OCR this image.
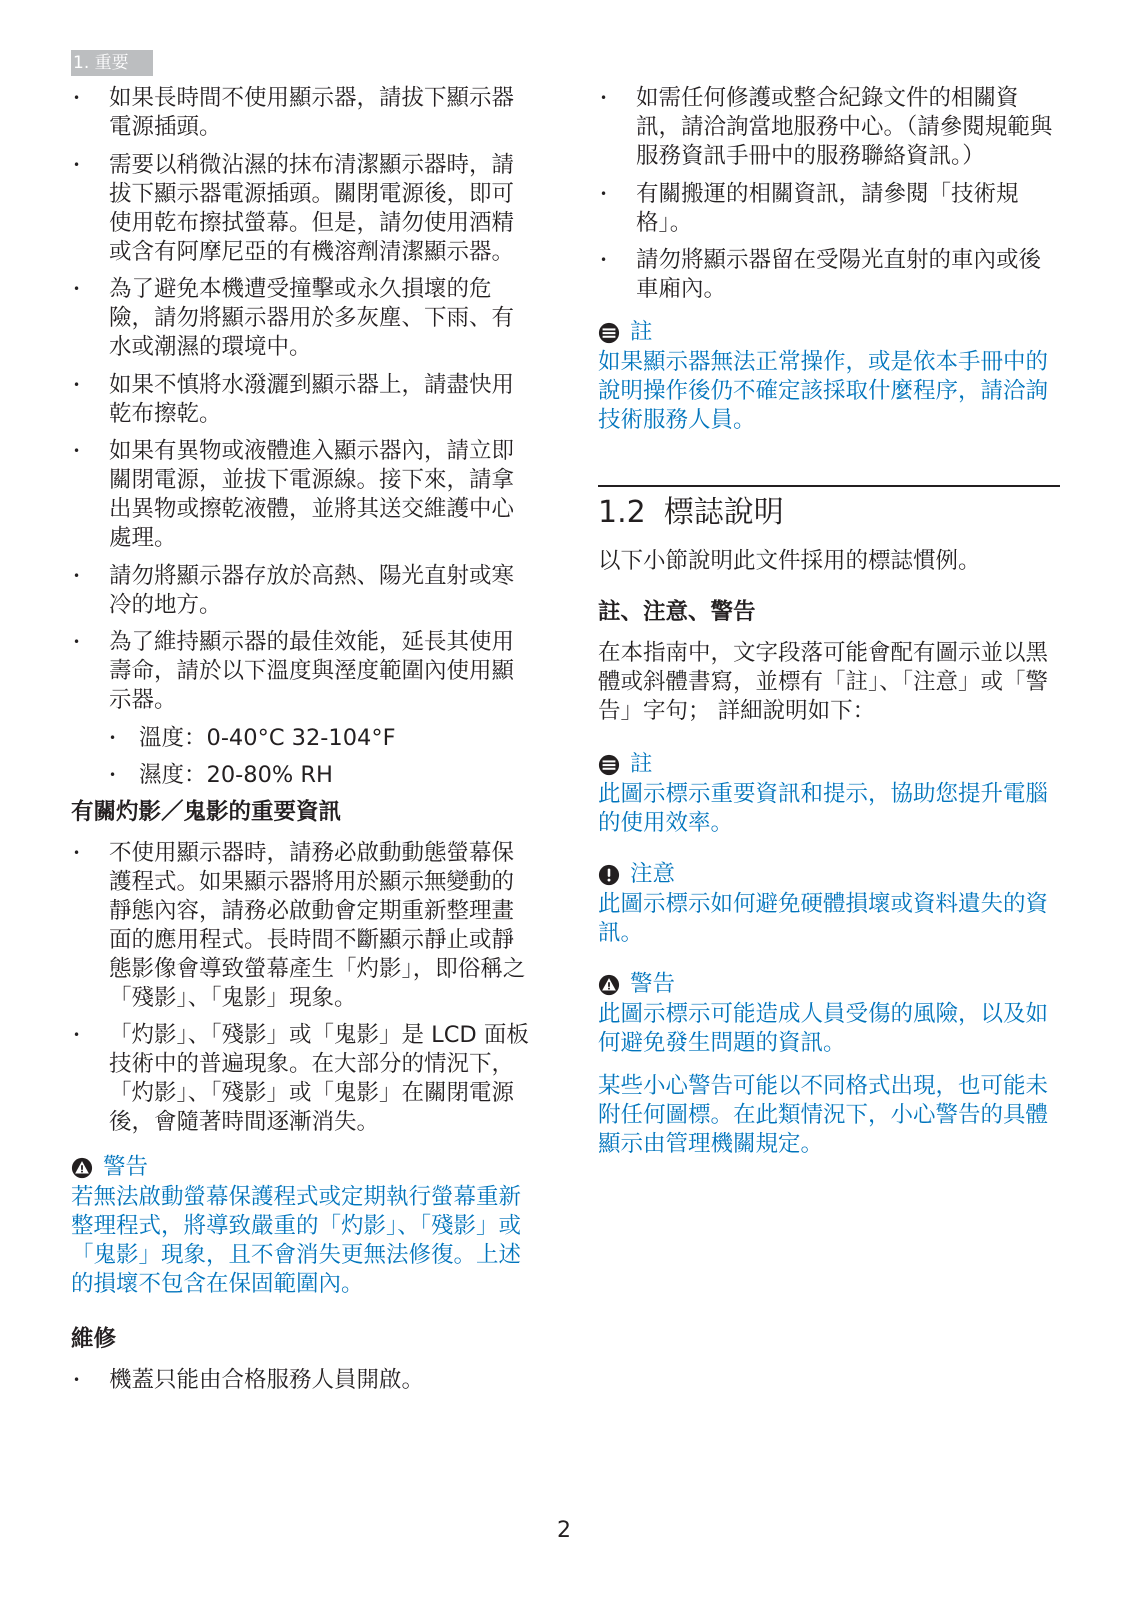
1. 重要
• 如果長時間不使用顯示器，請拔下顯示器電源插頭。
• 需要以稍微沾濕的抹布清潔顯示器時，請拔下顯示器電源插頭。關閉電源後，即可使用乾布擦拭螢幕。但是，請勿使用酒精或含有阿摩尼亞的有機溶劑清潔顯示器。
• 為了避免本機遭受撞擊或永久損壞的危險，請勿將顯示器用於多灰塵、下雨、有水或潮濕的環境中。
• 如果不慎將水潑灑到顯示器上，請盡快用乾布擦乾。
• 如果有異物或液體進入顯示器內，請立即關閉電源，並拔下電源線。接下來，請拿出異物或擦乾液體，並將其送交維護中心處理。
• 請勿將顯示器存放於高熱、陽光直射或寒冷的地方。
• 為了維持顯示器的最佳效能，延長其使用壽命，請於以下溫度與溼度範圍內使用顯示器。
• 溫度：0-40°C 32-104°F
• 濕度：20-80% RH
有關灼影／鬼影的重要資訊
• 不使用顯示器時，請務必啟動動態螢幕保護程式。如果顯示器將用於顯示無變動的靜態內容，請務必啟動會定期重新整理畫面的應用程式。長時間不斷顯示靜止或靜態影像會導致螢幕產生「灼影」，即俗稱之「殘影」、「鬼影」現象。
• 「灼影」、「殘影」或「鬼影」是 LCD 面板技術中的普遍現象。在大部分的情況下，「灼影」、「殘影」或「鬼影」在關閉電源後，會隨著時間逐漸消失。
警告
若無法啟動螢幕保護程式或定期執行螢幕重新整理程式，將導致嚴重的「灼影」、「殘影」或「鬼影」現象，且不會消失更無法修復。上述的損壞不包含在保固範圍內。
維修
• 機蓋只能由合格服務人員開啟。
• 如需任何修護或整合紀錄文件的相關資訊，請洽詢當地服務中心。（請參閱規範與服務資訊手冊中的服務聯絡資訊。）
• 有關搬運的相關資訊，請參閱「技術規格」。
• 請勿將顯示器留在受陽光直射的車內或後車廂內。
註
如果顯示器無法正常操作，或是依本手冊中的說明操作後仍不確定該採取什麼程序，請洽詢技術服務人員。
1.2 標誌說明
以下小節說明此文件採用的標誌慣例。
註、注意、警告
在本指南中，文字段落可能會配有圖示並以黑體或斜體書寫，並標有「註」、「注意」或「警告」字句； 詳細說明如下：
註
此圖示標示重要資訊和提示，協助您提升電腦的使用效率。
注意
此圖示標示如何避免硬體損壞或資料遺失的資訊。
警告
此圖示標示可能造成人員受傷的風險，以及如何避免發生問題的資訊。
某些小心警告可能以不同格式出現，也可能未附任何圖標。在此類情況下，小心警告的具體顯示由管理機關規定。
2
